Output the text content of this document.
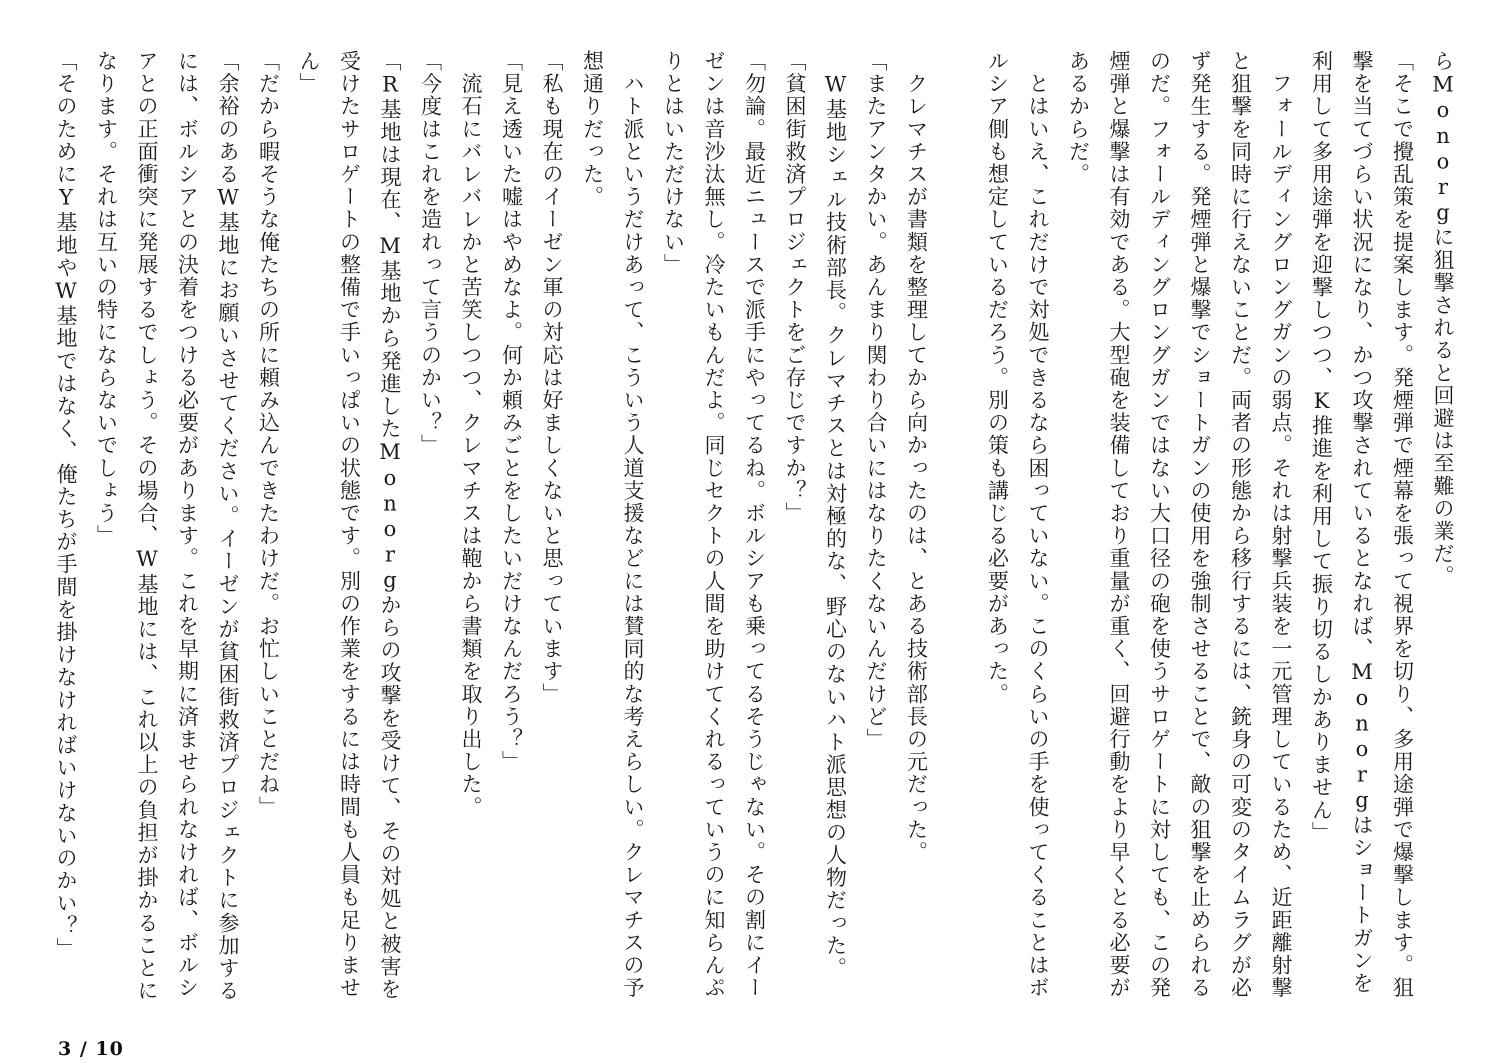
らMonorgに狙撃されると回避は至難の業だ。

「そこで攪乱策を提案します。発煙弾で煙幕を張って視界を切り、多用途弾で爆撃します。狙撃を当てづらい状況になり、かつ攻撃されているとなれば、Monorgはショートガンを利用して多用途弾を迎撃しつつ、K推進を利用して振り切るしかありません」

　フォールディングロングガンの弱点。それは射撃兵装を一元管理しているため、近距離射撃と狙撃を同時に行えないことだ。両者の形態から移行するには、銃身の可変のタイムラグが必ず発生する。発煙弾と爆撃でショートガンの使用を強制させることで、敵の狙撃を止められるのだ。フォールディングロングガンではない大口径の砲を使うサロゲートに対しても、この発煙弾と爆撃は有効である。大型砲を装備しており重量が重く、回避行動をより早くとる必要があるからだ。

　とはいえ、これだけで対処できるなら困っていない。このくらいの手を使ってくることはボルシア側も想定しているだろう。別の策も講じる必要があった。

　クレマチスが書類を整理してから向かったのは、とある技術部長の元だった。

「またアンタかい。あんまり関わり合いにはなりたくないんだけど」

　W基地シェル技術部長。クレマチスとは対極的な、野心のないハト派思想の人物だった。

「貧困街救済プロジェクトをご存じですか？」

「勿論。最近ニュースで派手にやってるね。ボルシアも乗ってるそうじゃない。その割にイーゼンは音沙汰無し。冷たいもんだよ。同じセクトの人間を助けてくれるっていうのに知らんぷりとはいただけない」

　ハト派というだけあって、こういう人道支援などには賛同的な考えらしい。クレマチスの予想通りだった。

「私も現在のイーゼン軍の対応は好ましくないと思っています」

「見え透いた嘘はやめなよ。何か頼みごとをしたいだけなんだろう？」

　流石にバレバレかと苦笑しつつ、クレマチスは鞄から書類を取り出した。

「今度はこれを造れって言うのかい？」

「R基地は現在、M基地から発進したMonorgからの攻撃を受けて、その対処と被害を受けたサロゲートの整備で手いっぱいの状態です。別の作業をするには時間も人員も足りません」

「だから暇そうな俺たちの所に頼み込んできたわけだ。お忙しいことだね」

「余裕のあるW基地にお願いさせてください。イーゼンが貧困街救済プロジェクトに参加するには、ボルシアとの決着をつける必要があります。これを早期に済ませられなければ、ボルシアとの正面衝突に発展するでしょう。その場合、W基地には、これ以上の負担が掛かることになります。それは互いの特にならないでしょう」

「そのためにY基地やW基地ではなく、俺たちが手間を掛けなければいけないのかい？」

3 / 10
